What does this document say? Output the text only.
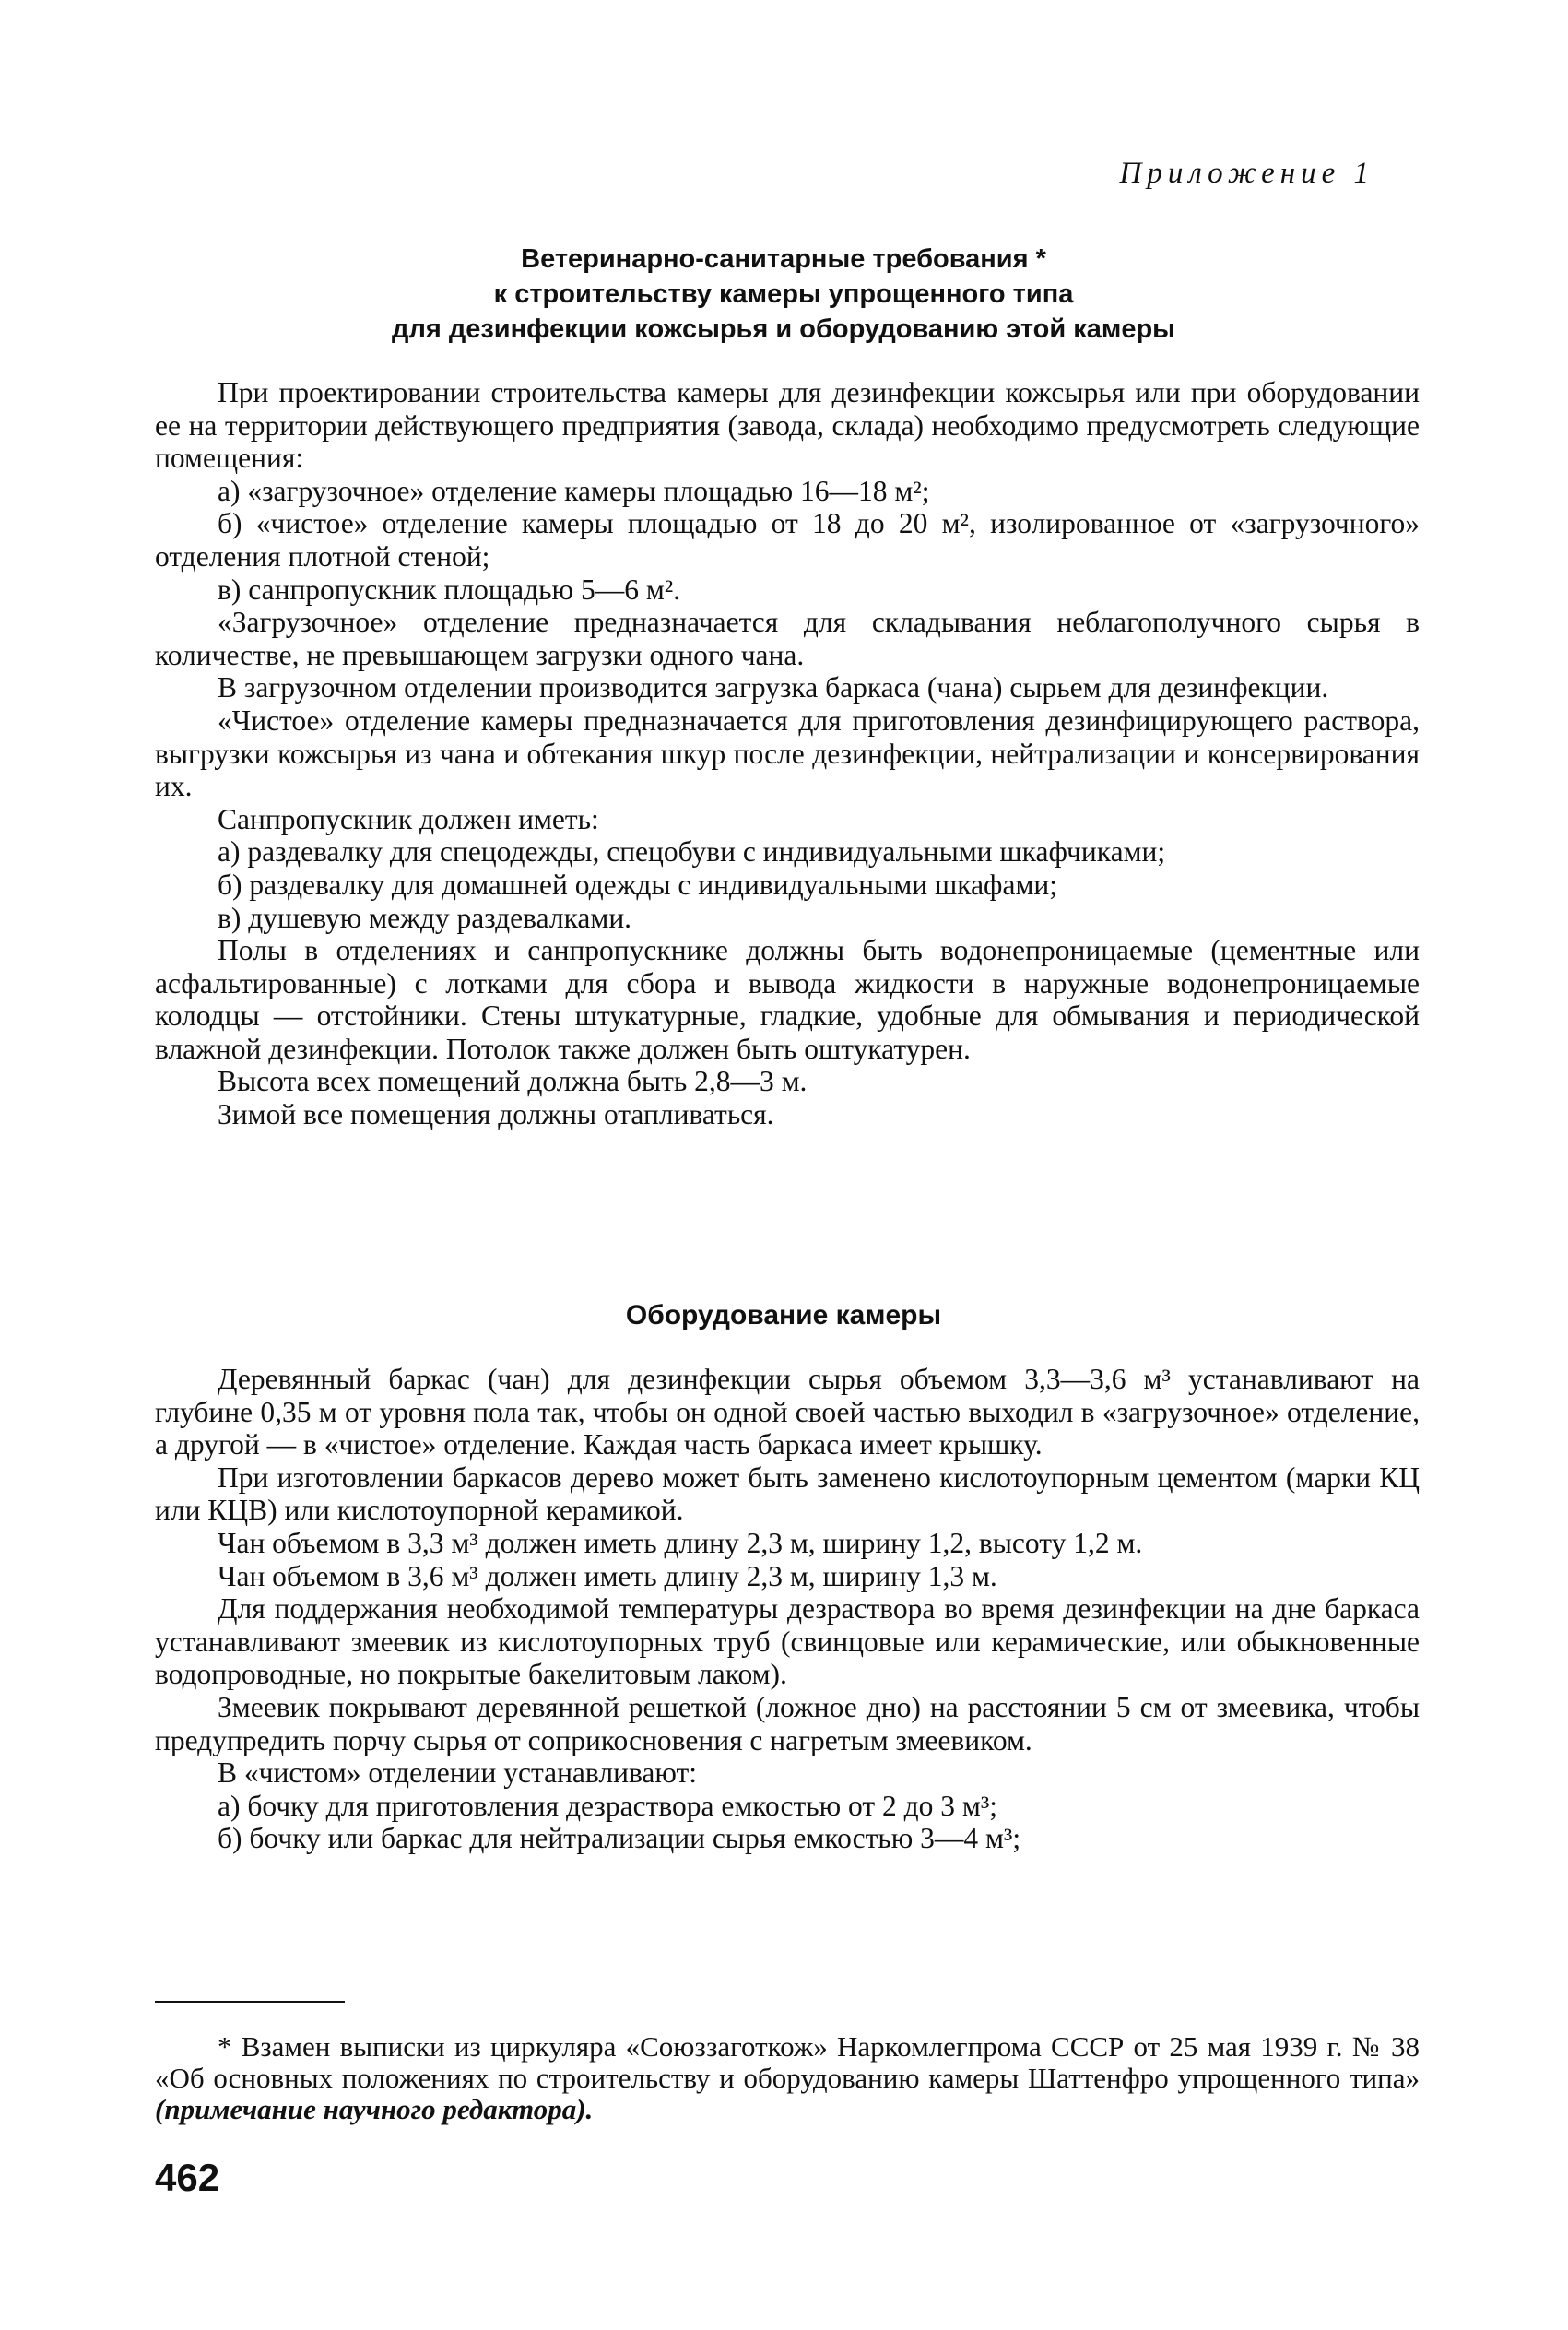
Приложение 1
Ветеринарно-санитарные требования *
к строительству камеры упрощенного типа
для дезинфекции кожсырья и оборудованию этой камеры

При проектировании строительства камеры для дезинфекции кожсырья или при оборудовании ее на территории действующего предприятия (завода, склада) необходимо предусмотреть следующие помещения:

а) «загрузочное» отделение камеры площадью 16—18 м²;

б) «чистое» отделение камеры площадью от 18 до 20 м², изолированное от «загрузочного» отделения плотной стеной;

в) санпропускник площадью 5—6 м².

«Загрузочное» отделение предназначается для складывания неблагополучного сырья в количестве, не превышающем загрузки одного чана.

В загрузочном отделении производится загрузка баркаса (чана) сырьем для дезинфекции.

«Чистое» отделение камеры предназначается для приготовления дезинфицирующего раствора, выгрузки кожсырья из чана и обтекания шкур после дезинфекции, нейтрализации и консервирования их.

Санпропускник должен иметь:

а) раздевалку для спецодежды, спецобуви с индивидуальными шкафчиками;

б) раздевалку для домашней одежды с индивидуальными шкафами;

в) душевую между раздевалками.

Полы в отделениях и санпропускнике должны быть водонепроницаемые (цементные или асфальтированные) с лотками для сбора и вывода жидкости в наружные водонепроницаемые колодцы — отстойники. Стены штукатурные, гладкие, удобные для обмывания и периодической влажной дезинфекции. Потолок также должен быть оштукатурен.

Высота всех помещений должна быть 2,8—3 м.

Зимой все помещения должны отапливаться.

Оборудование камеры

Деревянный баркас (чан) для дезинфекции сырья объемом 3,3—3,6 м³ устанавливают на глубине 0,35 м от уровня пола так, чтобы он одной своей частью выходил в «загрузочное» отделение, а другой — в «чистое» отделение. Каждая часть баркаса имеет крышку.

При изготовлении баркасов дерево может быть заменено кислотоупорным цементом (марки КЦ или КЦВ) или кислотоупорной керамикой.

Чан объемом в 3,3 м³ должен иметь длину 2,3 м, ширину 1,2, высоту 1,2 м.

Чан объемом в 3,6 м³ должен иметь длину 2,3 м, ширину 1,3 м.

Для поддержания необходимой температуры дезраствора во время дезинфекции на дне баркаса устанавливают змеевик из кислотоупорных труб (свинцовые или керамические, или обыкновенные водопроводные, но покрытые бакелитовым лаком).

Змеевик покрывают деревянной решеткой (ложное дно) на расстоянии 5 см от змеевика, чтобы предупредить порчу сырья от соприкосновения с нагретым змеевиком.

В «чистом» отделении устанавливают:

а) бочку для приготовления дезраствора емкостью от 2 до 3 м³;

б) бочку или баркас для нейтрализации сырья емкостью 3—4 м³;

* Взамен выписки из циркуляра «Союззаготкож» Наркомлегпрома СССР от 25 мая 1939 г. № 38 «Об основных положениях по строительству и оборудованию камеры Шаттенфро упрощенного типа» (примечание научного редактора).

462
